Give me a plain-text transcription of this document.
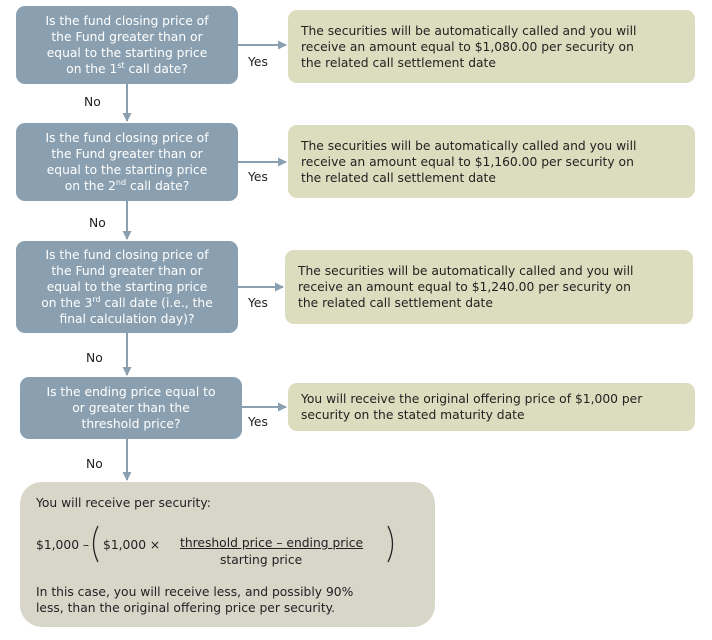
Is the fund closing price of
the Fund greater than or
equal to the starting price
on the 1st call date?
Is the fund closing price of
the Fund greater than or
equal to the starting price
on the 2nd call date?
Is the fund closing price of
the Fund greater than or
equal to the starting price
on the 3rd call date (i.e., the
final calculation day)?
Is the ending price equal to
or greater than the
threshold price?
The securities will be automatically called and you will
receive an amount equal to $1,080.00 per security on
the related call settlement date
The securities will be automatically called and you will
receive an amount equal to $1,160.00 per security on
the related call settlement date
The securities will be automatically called and you will
receive an amount equal to $1,240.00 per security on
the related call settlement date
You will receive the original offering price of $1,000 per
security on the stated maturity date
Yes
Yes
Yes
Yes
No
No
No
No
You will receive per security:
$1,000 – $1,000 × threshold price – ending price
starting price
In this case, you will receive less, and possibly 90%
less, than the original offering price per security.
